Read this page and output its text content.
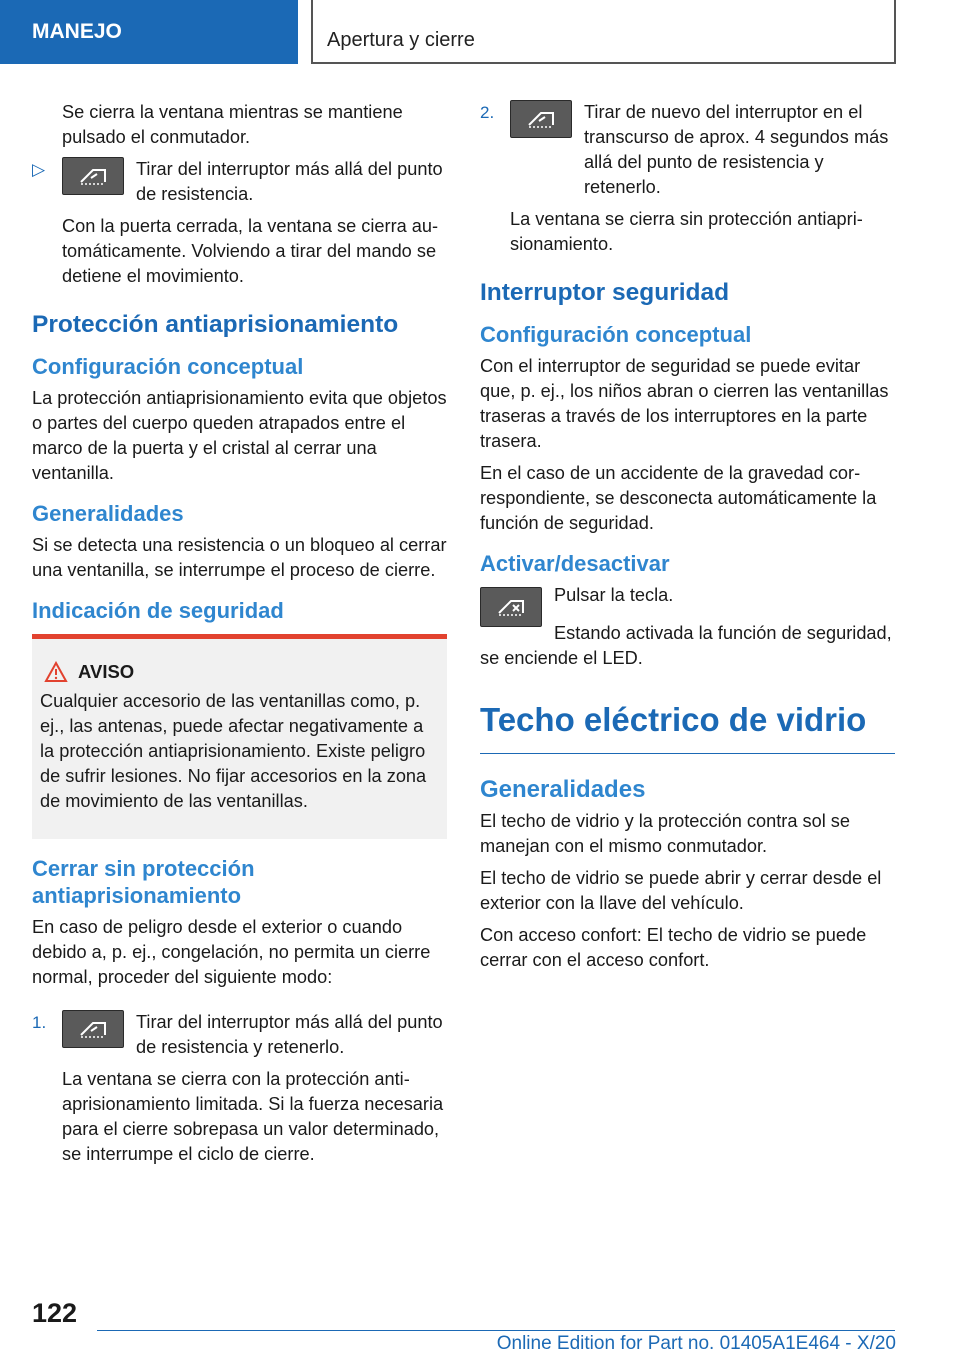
MANEJO	Apertura y cierre

Se cierra la ventana mientras se mantiene pulsado el conmutador.

▷	Tirar del interruptor más allá del punto de resistencia.

Con la puerta cerrada, la ventana se cierra automáticamente. Volviendo a tirar del mando se detiene el movimiento.

Protección antiaprisionamiento
Configuración conceptual

La protección antiaprisionamiento evita que objetos o partes del cuerpo queden atrapados entre el marco de la puerta y el cristal al cerrar una ventanilla.

Generalidades

Si se detecta una resistencia o un bloqueo al cerrar una ventanilla, se interrumpe el proceso de cierre.

Indicación de seguridad
AVISO

Cualquier accesorio de las ventanillas como, p. ej., las antenas, puede afectar negativamente a la protección antiaprisionamiento. Existe peligro de sufrir lesiones. No fijar accesorios en la zona de movimiento de las ventanillas.

Cerrar sin protección antiaprisionamiento

En caso de peligro desde el exterior o cuando debido a, p. ej., congelación, no permita un cierre normal, proceder del siguiente modo:

1.	Tirar del interruptor más allá del punto de resistencia y retenerlo.

La ventana se cierra con la protección antiaprisionamiento limitada. Si la fuerza necesaria para el cierre sobrepasa un valor determinado, se interrumpe el ciclo de cierre.

2.	Tirar de nuevo del interruptor en el transcurso de aprox. 4 segundos más allá del punto de resistencia y retenerlo.

La ventana se cierra sin protección antiaprisionamiento.

Interruptor seguridad
Configuración conceptual

Con el interruptor de seguridad se puede evitar que, p. ej., los niños abran o cierren las ventanillas traseras a través de los interruptores en la parte trasera.

En el caso de un accidente de la gravedad correspondiente, se desconecta automáticamente la función de seguridad.

Activar/desactivar

Pulsar la tecla.

Estando activada la función de seguridad, se enciende el LED.

Techo eléctrico de vidrio
Generalidades

El techo de vidrio y la protección contra sol se manejan con el mismo conmutador.

El techo de vidrio se puede abrir y cerrar desde el exterior con la llave del vehículo.

Con acceso confort: El techo de vidrio se puede cerrar con el acceso confort.

122
Online Edition for Part no. 01405A1E464 - X/20
